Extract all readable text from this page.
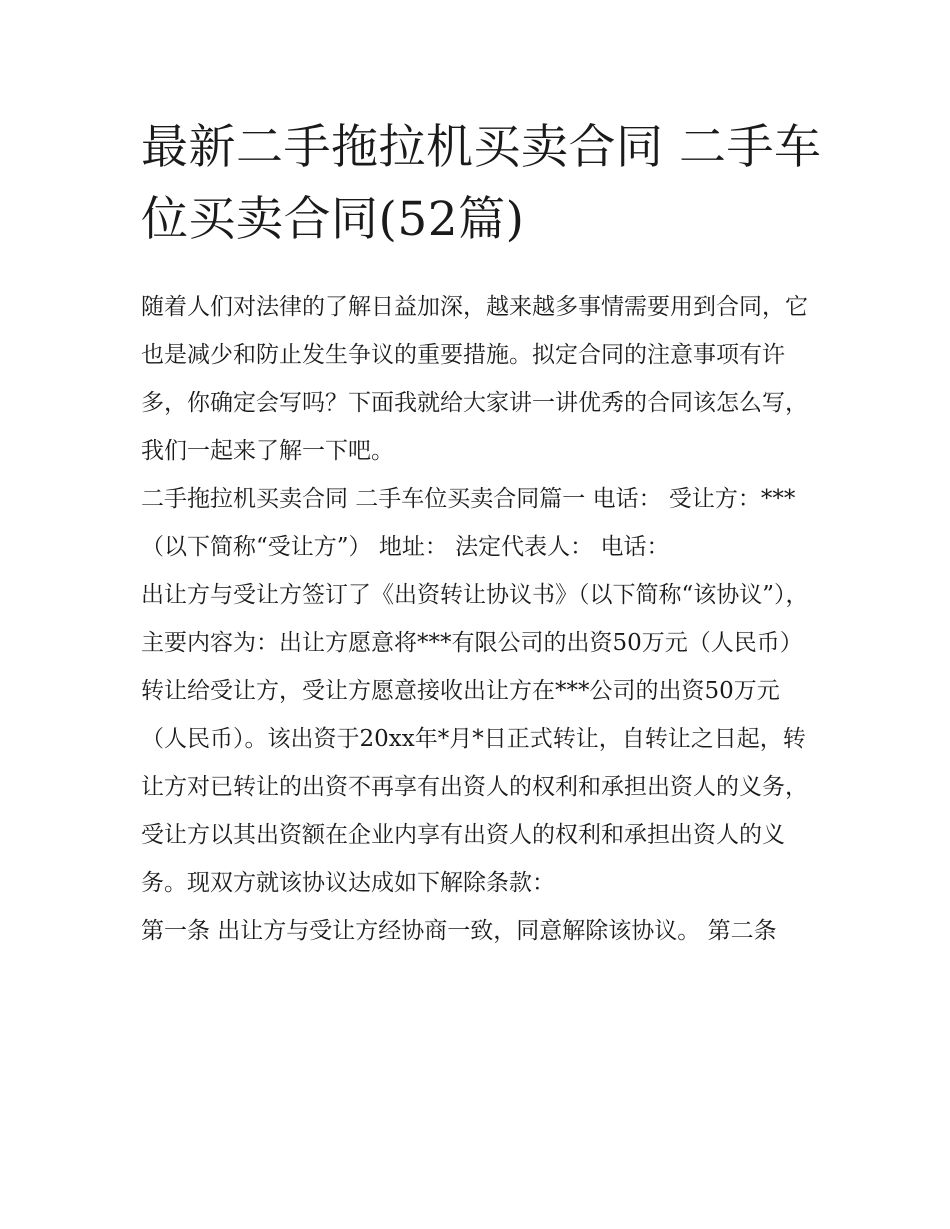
最新二手拖拉机买卖合同 二手车位买卖合同(52篇)

随着人们对法律的了解日益加深，越来越多事情需要用到合同，它也是减少和防止发生争议的重要措施。拟定合同的注意事项有许多，你确定会写吗？下面我就给大家讲一讲优秀的合同该怎么写，我们一起来了解一下吧。

二手拖拉机买卖合同 二手车位买卖合同篇一 电话： 受让方：***（以下简称“受让方”） 地址： 法定代表人： 电话：

出让方与受让方签订了《出资转让协议书》（以下简称“该协议”），主要内容为：出让方愿意将***有限公司的出资50万元（人民币）转让给受让方，受让方愿意接收出让方在***公司的出资50万元（人民币）。该出资于20xx年*月*日正式转让，自转让之日起，转让方对已转让的出资不再享有出资人的权利和承担出资人的义务，受让方以其出资额在企业内享有出资人的权利和承担出资人的义务。现双方就该协议达成如下解除条款：

第一条 出让方与受让方经协商一致，同意解除该协议。 第二条
